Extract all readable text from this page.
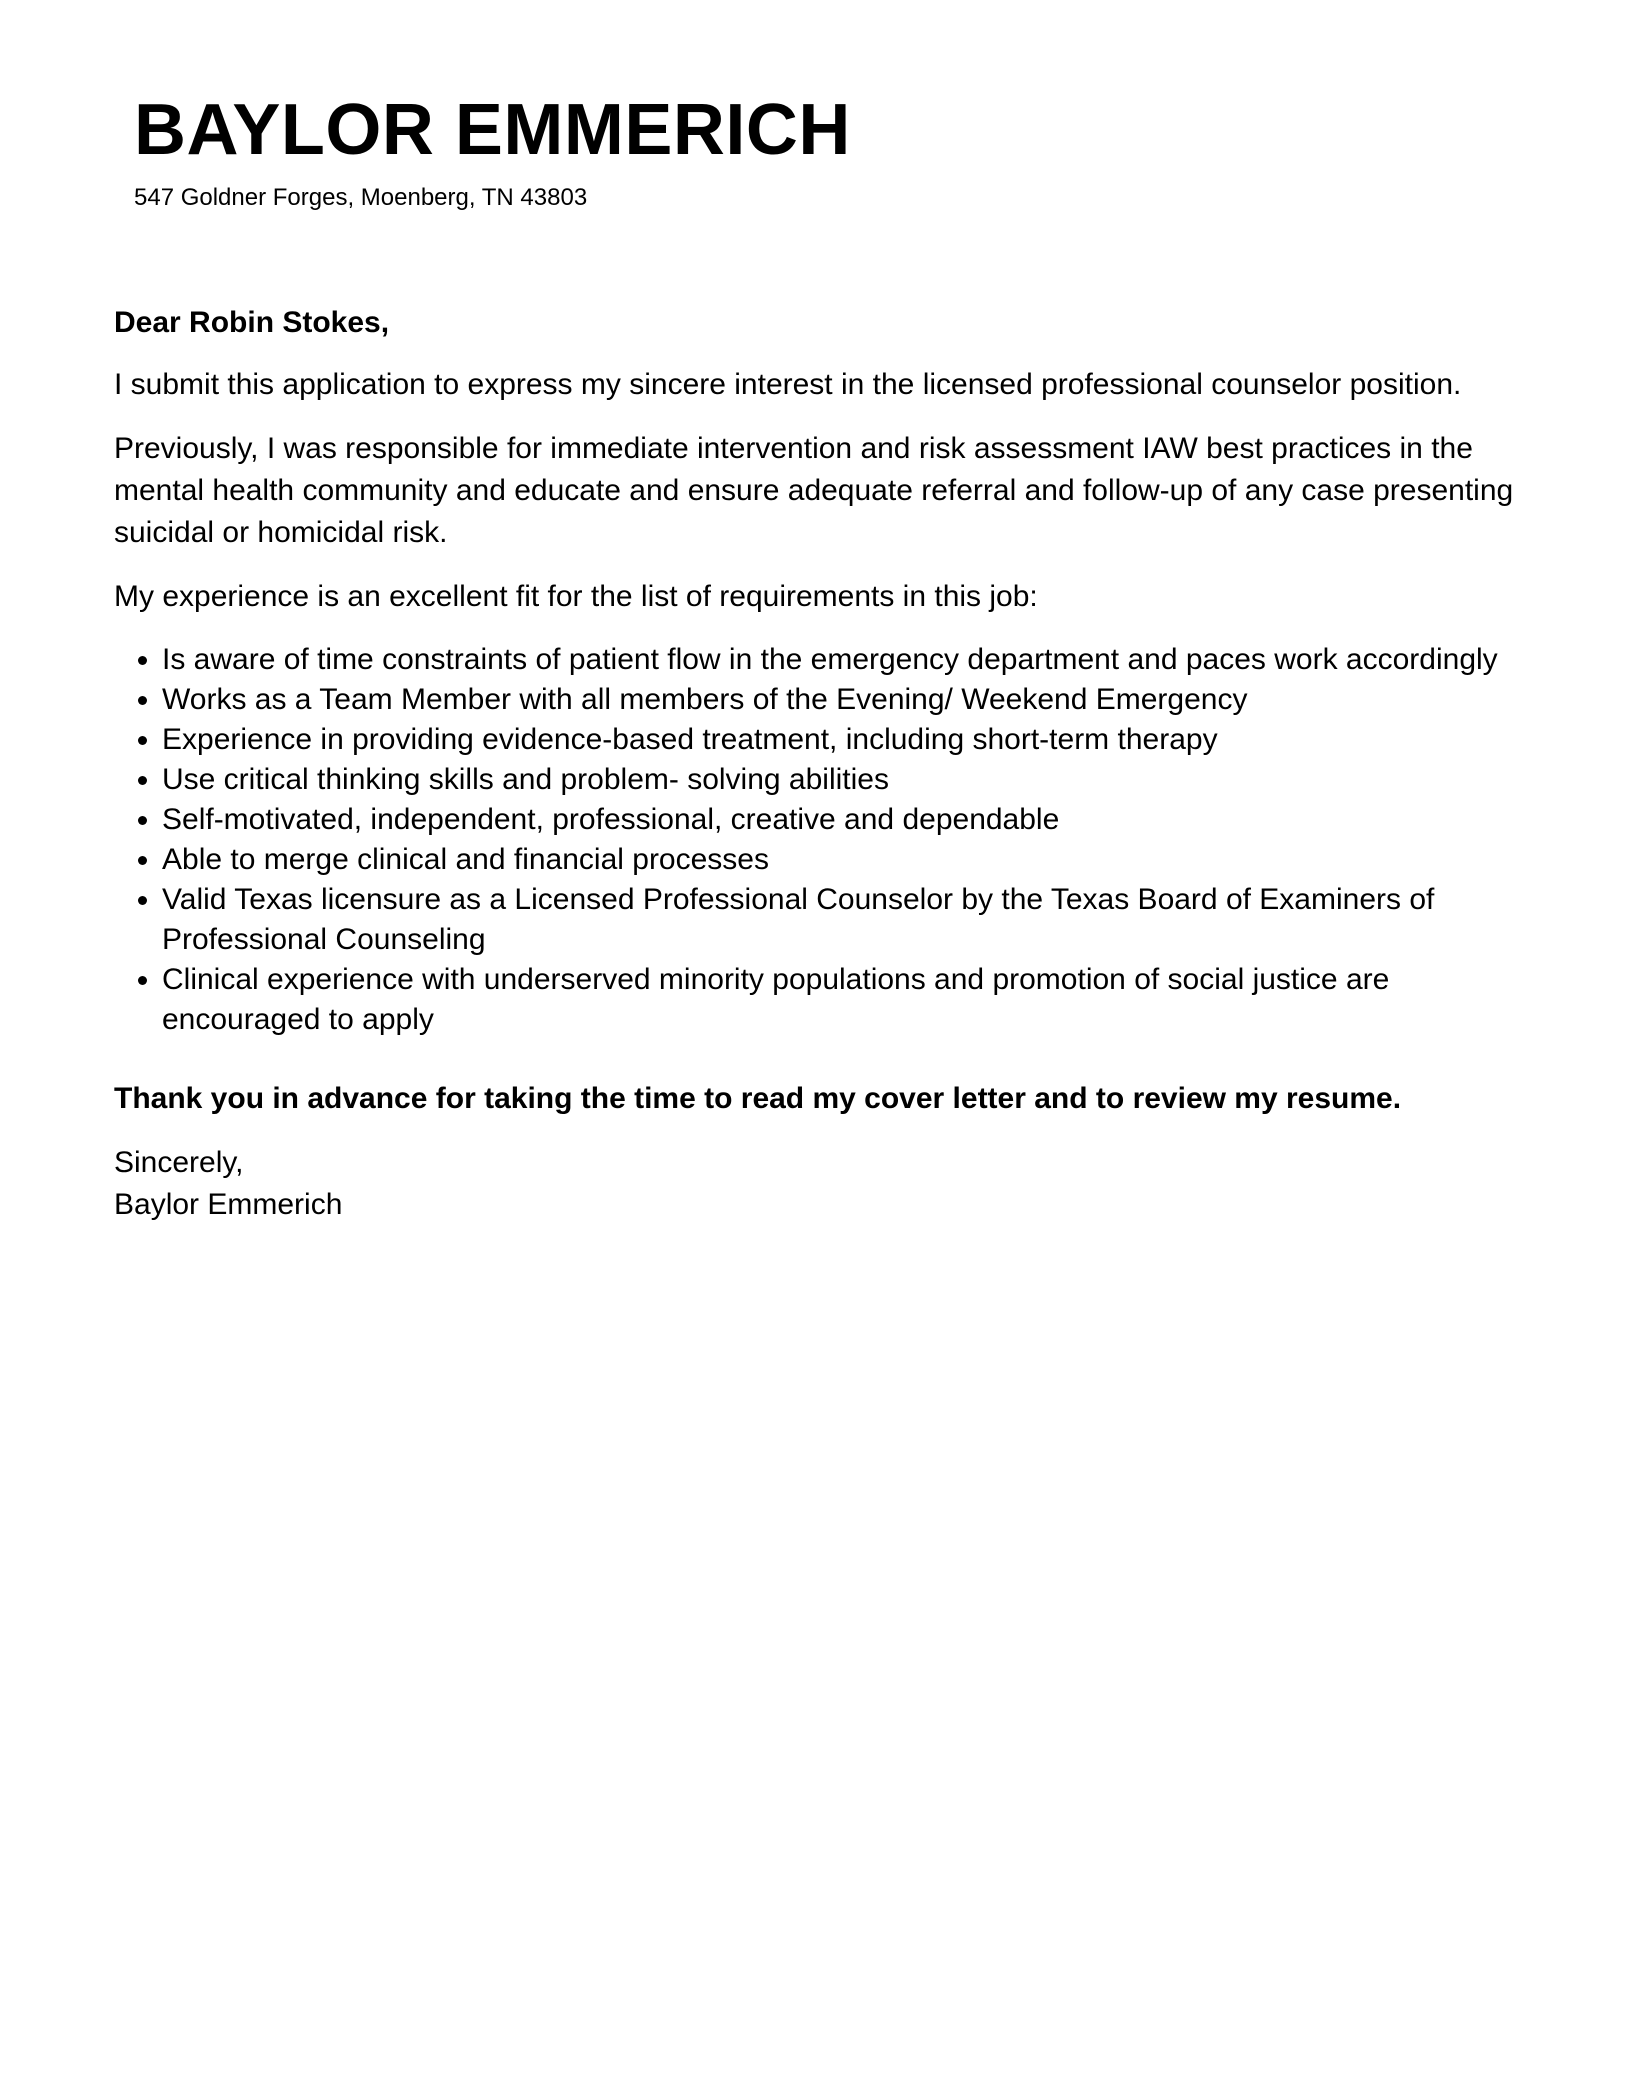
BAYLOR EMMERICH
547 Goldner Forges, Moenberg, TN 43803

Dear Robin Stokes,

I submit this application to express my sincere interest in the licensed professional counselor position.

Previously, I was responsible for immediate intervention and risk assessment IAW best practices in the mental health community and educate and ensure adequate referral and follow-up of any case presenting suicidal or homicidal risk.

My experience is an excellent fit for the list of requirements in this job:

• Is aware of time constraints of patient flow in the emergency department and paces work accordingly
• Works as a Team Member with all members of the Evening/ Weekend Emergency
• Experience in providing evidence-based treatment, including short-term therapy
• Use critical thinking skills and problem- solving abilities
• Self-motivated, independent, professional, creative and dependable
• Able to merge clinical and financial processes
• Valid Texas licensure as a Licensed Professional Counselor by the Texas Board of Examiners of Professional Counseling
• Clinical experience with underserved minority populations and promotion of social justice are encouraged to apply

Thank you in advance for taking the time to read my cover letter and to review my resume.

Sincerely,

Baylor Emmerich
